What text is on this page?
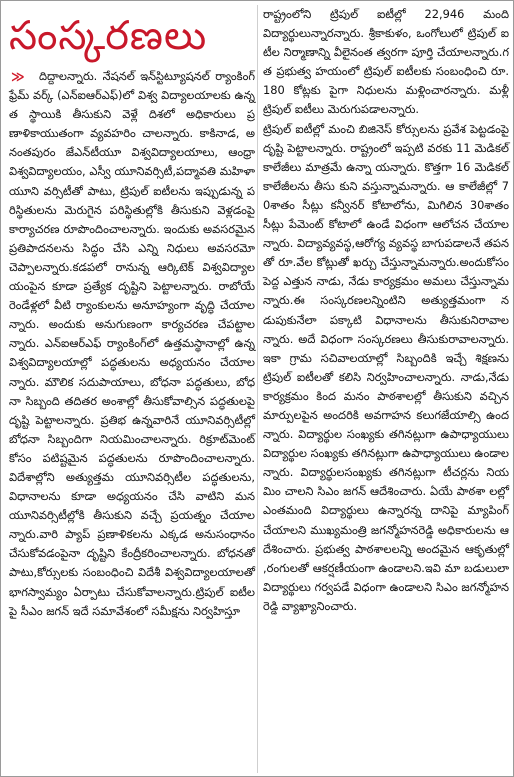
సంస్కరణలు
≫	దిద్దాలన్నారు. నేషనల్ ఇన్‌స్టిట్యూషనల్ ర్యాంకింగ్ ఫ్రేమ్ వర్క్ (ఎన్ఐఆర్ఎఫ్)లో విశ్వ విద్యాలయాలకు ఉన్నత స్థాయికి తీసుకుని వెళ్లే దిశలో అధికారులు ప్రణాళికాయుతంగా వ్యవహరిం చాలన్నారు. కాకినాడ, అనంతపురం జేఎన్‌టీయూ విశ్వవిద్యాలయాలు, ఆంధ్రా విశ్వవిద్యాలయం, ఎస్వీ యూనివర్సిటీ,పద్మావతి మహిళా యూని వర్సిటీతో పాటు, ట్రిపుల్ ఐటీలను ఇప్పుడున్న పరిస్థితులను మెరుగైన పరిస్థితుల్లోకి తీసుకుని వెళ్లడంపై కార్యాచరణ రూపొందించాలన్నారు. ఇందుకు అవసరమైన ప్రతిపాదనలను సిద్ధం చేసి ఎన్ని నిధులు అవసరమో చెప్పాలన్నారు.కడపలో రానున్న ఆర్కిటెక్ విశ్వవిద్యాలయంపైన కూడా ప్రత్యేక దృష్టిని పెట్టాలన్నారు. రాబోయే రెండేళ్లలో వీటి ర్యాంకులను అనూహ్యంగా వృద్ధి చేయాలన్నారు. అందుకు అనుగుణంగా కార్యచరణ చేపట్టాలన్నారు. ఎన్ఐఆర్ఎఫ్ ర్యాంకింగ్‌లో ఉత్తమస్థానాల్లో ఉన్న విశ్వవిద్యాలయాల్లో పద్ధతులను అధ్యయనం చేయాలన్నారు. మౌలిక సదుపాయాలు, బోధనా పద్ధతులు, బోధనా సిబ్బంది తదితర అంశాల్లో తీసుకోవాల్సిన పద్ధతులపై దృష్టి పెట్టాలన్నారు. ప్రతిభ ఉన్నవారినే యూనివర్సిటీల్లో బోధనా సిబ్బందిగా నియమించాలన్నారు. రిక్రూట్‌మెంట్ కోసం పటిష్టమైన పద్ధతులను రూపొందించాలన్నారు. విదేశాల్లోని అత్యుత్తమ యూనివర్సిటీల పద్ధతులను,విధానాలను కూడా అధ్యయనం చేసి వాటిని మన యూనివర్సిటీల్లోకి తీసుకుని వచ్చే ప్రయత్నం చేయాలన్నారు.వారి ప్యాప్ ప్రణాళికలను ఎక్కడ అనుసంధానం చేసుకోవడంపైనా దృష్టిని కేంద్రీకరించాలన్నారు. బోధనతో పాటు,కోర్సులకు సంబంధించి విదేశీ విశ్వవిద్యాలయాలతో భాగస్వామ్యం ఏర్పాటు చేసుకోవాలన్నారు.ట్రిపుల్ ఐటీలపై సీఎం జగన్ ఇదే సమావేశంలో సమీక్షను నిర్వహిస్తూ

రాష్ట్రంలోని ట్రిపుల్ ఐటీల్లో 22,946 మంది విద్యార్థులున్నారన్నారు. శ్రీకాకుళం, ఒంగోలులో ట్రిపుల్ ఐటీల నిర్మాణాన్ని వీలైనంత త్వరగా పూర్తి చేయాలన్నారు.గత ప్రభుత్వ హయంలో ట్రిపుల్ ఐటీలకు సంబంధించి రూ.180 కోట్లకు పైగా నిధులను మళ్లించారన్నారు. మళ్లీ ట్రిపుల్ ఐటీలు మెరుగుపడాలన్నారు.

ట్రిపుల్ ఐటీల్లో మంచి బిజినెస్ కోర్సులను ప్రవేశ పెట్టడంపై దృష్టి పెట్టాలన్నారు. రాష్ట్రంలో ఇప్పటి వరకు 11 మెడికల్ కాలేజీలు మాత్రమే ఉన్నా యన్నారు. కొత్తగా 16 మెడికల్ కాలేజీలను తీసు కుని వస్తున్నామన్నారు. ఆ కాలేజీల్లో 70శాతం సీట్లు కన్వీనర్ కోటాలోను, మిగిలిన 30శాతం సీట్లు పేమెంట్ కోటాలో ఉండే విధంగా ఆలోచన చేయాలన్నారు. విద్యావ్యవస్థ,ఆరోగ్య వ్యవస్థ బాగుపడాలనే తపనతో రూ.వేల కోట్లుతో ఖర్చు చేస్తున్నామన్నారు.అందుకోసం పెద్ద ఎత్తున నాడు, నేడు కార్యక్రమం అమలు చేస్తున్నామన్నారు.ఈ సంస్కరణలన్నింటిని అత్యుత్తమంగా నడుపుకునేలా పక్కాటి విధానాలను తీసుకునిరావాలన్నారు. అదే విధంగా సంస్కరణలు తీసుకురావాలన్నారు.ఇకా గ్రామ సచివాలయాల్లో సిబ్బందికి ఇచ్చే శిక్షణను ట్రిపుల్ ఐటీలతో కలిసి నిర్వహించాలన్నారు. నాడు,నేడు కార్యక్రమం కింద మనం పాఠశాలల్లో తీసుకుని వచ్చిన మార్పులపైన అందరికి అవగాహన కలుగజేయాల్సి ఉందన్నారు. విద్యార్థుల సంఖ్యకు తగినట్లుగా ఉపాధ్యాయులు విద్యార్థుల సంఖ్యకు తగినట్లుగా ఉపాధ్యాయులు ఉండాలన్నారు. విద్యార్థులసంఖ్యకు తగినట్లుగా టీచర్లను నియమిం చాలని సిఎం జగన్ ఆదేశించారు. ఏయే పాఠశా లల్లో ఎంతమంది విద్యార్థులు ఉన్నారన్న దానిపై మ్యాపింగ్ చేయాలని ముఖ్యమంత్రి జగన్మోహనరెడ్డి అధికారులను ఆదేశించారు. ప్రభుత్వ పాఠశాలలన్ని అందమైన ఆకృతుల్లో ,రంగులతో ఆకర్షణీయంగా ఉండాలని.ఇవి మా బడులులా విద్యార్థులు గర్వపడే విధంగా ఉండాలని సిఎం జగన్మోహనరెడ్డి వ్యాఖ్యానించారు.
